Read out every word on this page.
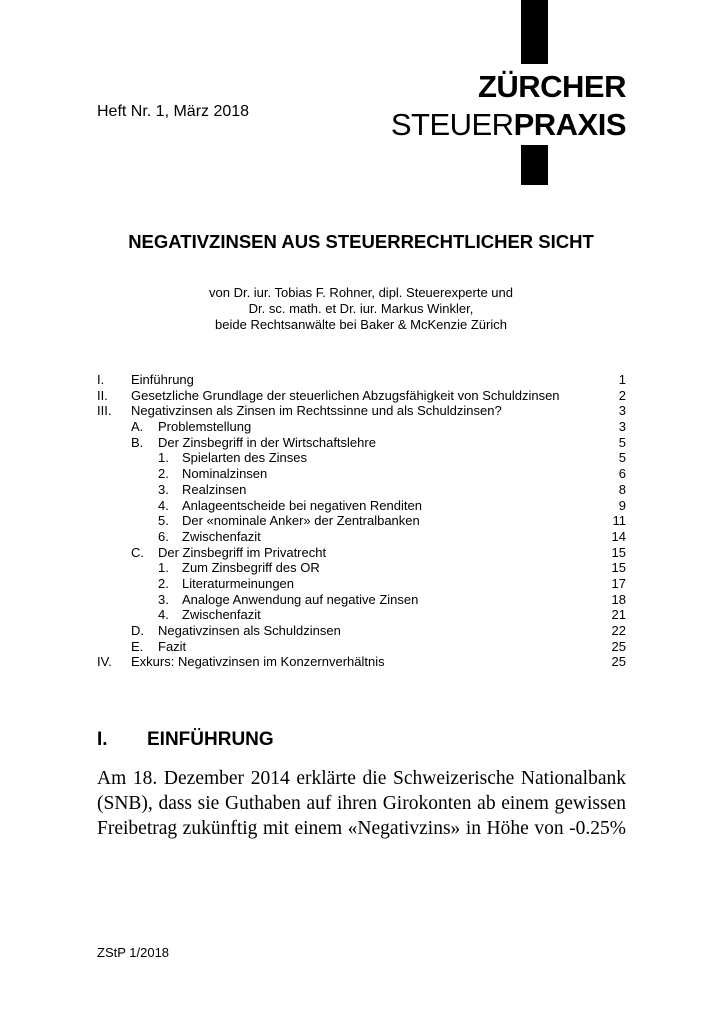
ZÜRCHER
STEUERPRAXIS
Heft Nr. 1, März 2018
NEGATIVZINSEN AUS STEUERRECHTLICHER SICHT
von Dr. iur. Tobias F. Rohner, dipl. Steuerexperte und
Dr. sc. math. et Dr. iur. Markus Winkler,
beide Rechtsanwälte bei Baker & McKenzie Zürich
I. Einführung	1
II. Gesetzliche Grundlage der steuerlichen Abzugsfähigkeit von Schuldzinsen	2
III. Negativzinsen als Zinsen im Rechtssinne und als Schuldzinsen?	3
A. Problemstellung	3
B. Der Zinsbegriff in der Wirtschaftslehre	5
1. Spielarten des Zinses	5
2. Nominalzinsen	6
3. Realzinsen	8
4. Anlageentscheide bei negativen Renditen	9
5. Der «nominale Anker» der Zentralbanken	11
6. Zwischenfazit	14
C. Der Zinsbegriff im Privatrecht	15
1. Zum Zinsbegriff des OR	15
2. Literaturmeinungen	17
3. Analoge Anwendung auf negative Zinsen	18
4. Zwischenfazit	21
D. Negativzinsen als Schuldzinsen	22
E. Fazit	25
IV. Exkurs: Negativzinsen im Konzernverhältnis	25
I. EINFÜHRUNG
Am 18. Dezember 2014 erklärte die Schweizerische Nationalbank
(SNB), dass sie Guthaben auf ihren Girokonten ab einem gewissen
Freibetrag zukünftig mit einem «Negativzins» in Höhe von -0.25%
ZStP 1/2018
